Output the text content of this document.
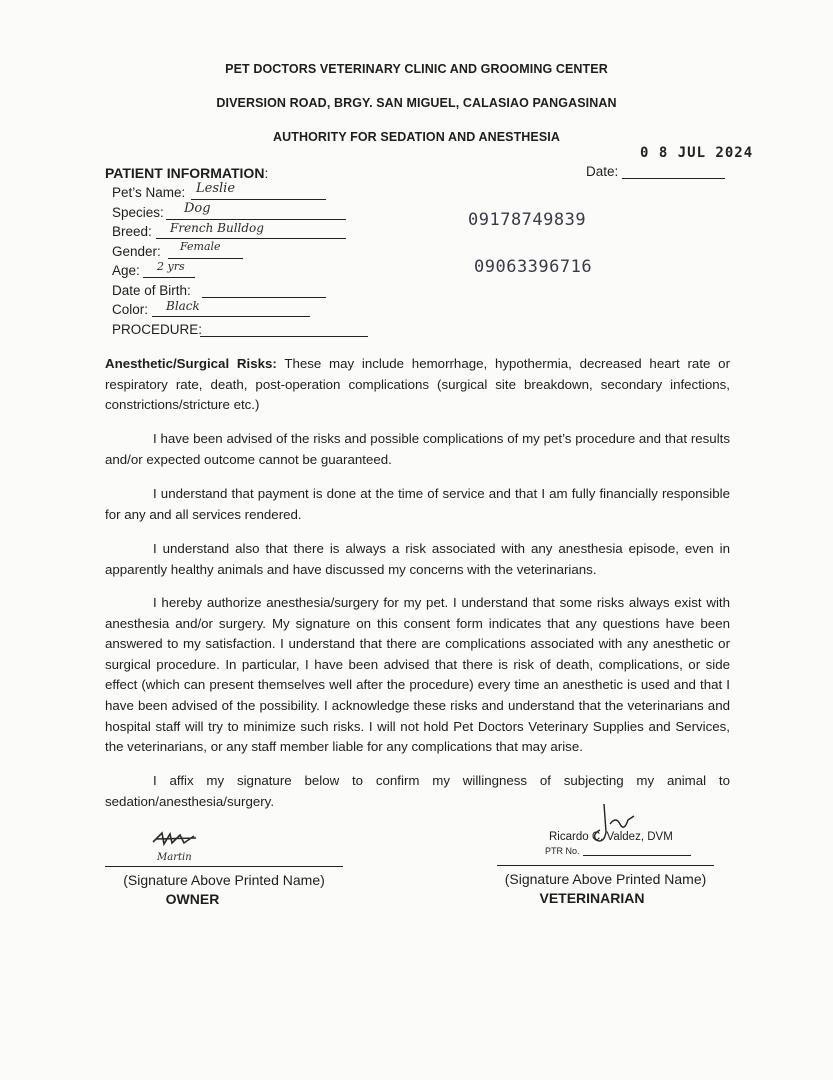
PET DOCTORS VETERINARY CLINIC AND GROOMING CENTER
DIVERSION ROAD, BRGY. SAN MIGUEL, CALASIAO PANGASINAN
AUTHORITY FOR SEDATION AND ANESTHESIA
0 8 JUL 2024
Date:
PATIENT INFORMATION:
Pet’s Name: Leslie
Species: Dog
Breed: French Bulldog
Gender: Female
Age: 2 yrs
Date of Birth:
Color: Black
PROCEDURE:
09178749839
09063396716
Anesthetic/Surgical Risks: These may include hemorrhage, hypothermia, decreased heart rate or respiratory rate, death, post-operation complications (surgical site breakdown, secondary infections, constrictions/stricture etc.)
I have been advised of the risks and possible complications of my pet’s procedure and that results and/or expected outcome cannot be guaranteed.
I understand that payment is done at the time of service and that I am fully financially responsible for any and all services rendered.
I understand also that there is always a risk associated with any anesthesia episode, even in apparently healthy animals and have discussed my concerns with the veterinarians.
I hereby authorize anesthesia/surgery for my pet. I understand that some risks always exist with anesthesia and/or surgery. My signature on this consent form indicates that any questions have been answered to my satisfaction. I understand that there are complications associated with any anesthetic or surgical procedure. In particular, I have been advised that there is risk of death, complications, or side effect (which can present themselves well after the procedure) every time an anesthetic is used and that I have been advised of the possibility. I acknowledge these risks and understand that the veterinarians and hospital staff will try to minimize such risks. I will not hold Pet Doctors Veterinary Supplies and Services, the veterinarians, or any staff member liable for any complications that may arise.
I affix my signature below to confirm my willingness of subjecting my animal to sedation/anesthesia/surgery.
Martin
(Signature Above Printed Name)
OWNER
Ricardo C. Valdez, DVM
PTR No.
(Signature Above Printed Name)
VETERINARIAN
